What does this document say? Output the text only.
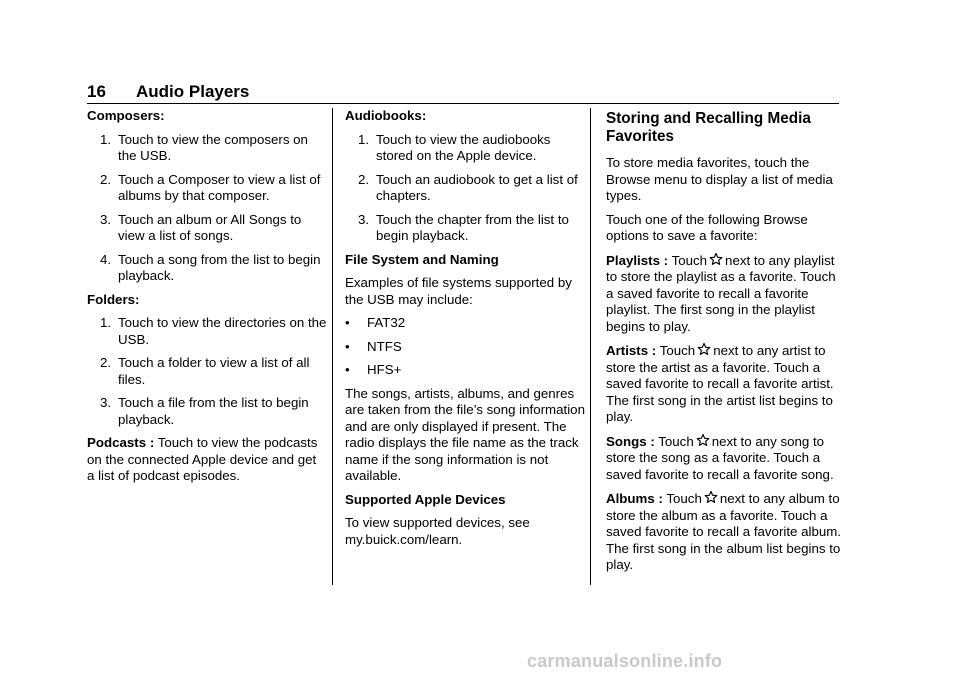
16 Audio Players

Composers:

1. Touch to view the composers on the USB.
2. Touch a Composer to view a list of albums by that composer.
3. Touch an album or All Songs to view a list of songs.
4. Touch a song from the list to begin playback.

Folders:

1. Touch to view the directories on the USB.
2. Touch a folder to view a list of all files.
3. Touch a file from the list to begin playback.

Podcasts : Touch to view the podcasts on the connected Apple device and get a list of podcast episodes.

Audiobooks:

1. Touch to view the audiobooks stored on the Apple device.
2. Touch an audiobook to get a list of chapters.
3. Touch the chapter from the list to begin playback.

File System and Naming

Examples of file systems supported by the USB may include:

• FAT32
• NTFS
• HFS+

The songs, artists, albums, and genres are taken from the file’s song information and are only displayed if present. The radio displays the file name as the track name if the song information is not available.

Supported Apple Devices

To view supported devices, see my.buick.com/learn.

Storing and Recalling Media Favorites

To store media favorites, touch the Browse menu to display a list of media types.

Touch one of the following Browse options to save a favorite:

Playlists : Touch next to any playlist to store the playlist as a favorite. Touch a saved favorite to recall a favorite playlist. The first song in the playlist begins to play.

Artists : Touch next to any artist to store the artist as a favorite. Touch a saved favorite to recall a favorite artist. The first song in the artist list begins to play.

Songs : Touch next to any song to store the song as a favorite. Touch a saved favorite to recall a favorite song.

Albums : Touch next to any album to store the album as a favorite. Touch a saved favorite to recall a favorite album. The first song in the album list begins to play.

carmanualsonline.info
